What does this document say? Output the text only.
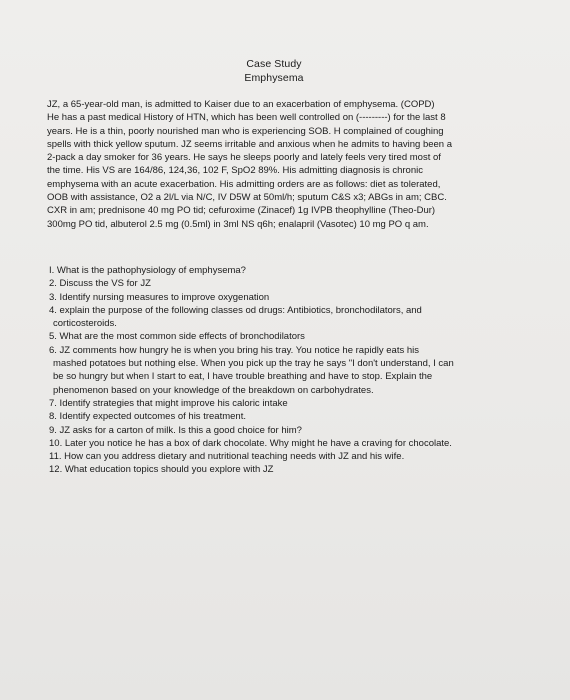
Case Study
Emphysema

JZ, a 65-year-old man, is admitted to Kaiser due to an exacerbation of emphysema. (COPD)
He has a past medical History of HTN, which has been well controlled on (---------) for the last 8
years. He is a thin, poorly nourished man who is experiencing SOB. H complained of coughing
spells with thick yellow sputum. JZ seems irritable and anxious when he admits to having been a
2-pack a day smoker for 36 years. He says he sleeps poorly and lately feels very tired most of
the time. His VS are 164/86, 124,36, 102 F, SpO2 89%. His admitting diagnosis is chronic
emphysema with an acute exacerbation. His admitting orders are as follows: diet as tolerated,
OOB with assistance, O2 a 2l/L via N/C, IV D5W at 50ml/h; sputum C&S x3; ABGs in am; CBC.
CXR in am; prednisone 40 mg PO tid; cefuroxime (Zinacef) 1g IVPB theophylline (Theo-Dur)
300mg PO tid, albuterol 2.5 mg (0.5ml) in 3ml NS q6h; enalapril (Vasotec) 10 mg PO q am.

I. What is the pathophysiology of emphysema?
2. Discuss the VS for JZ
3. Identify nursing measures to improve oxygenation
4. explain the purpose of the following classes od drugs: Antibiotics, bronchodilators, and
corticosteroids.
5. What are the most common side effects of bronchodilators
6. JZ comments how hungry he is when you bring his tray. You notice he rapidly eats his
mashed potatoes but nothing else. When you pick up the tray he says "I don't understand, I can
be so hungry but when I start to eat, I have trouble breathing and have to stop. Explain the
phenomenon based on your knowledge of the breakdown on carbohydrates.
7. Identify strategies that might improve his caloric intake
8. Identify expected outcomes of his treatment.
9. JZ asks for a carton of milk. Is this a good choice for him?
10. Later you notice he has a box of dark chocolate. Why might he have a craving for chocolate.
11. How can you address dietary and nutritional teaching needs with JZ and his wife.
12. What education topics should you explore with JZ
